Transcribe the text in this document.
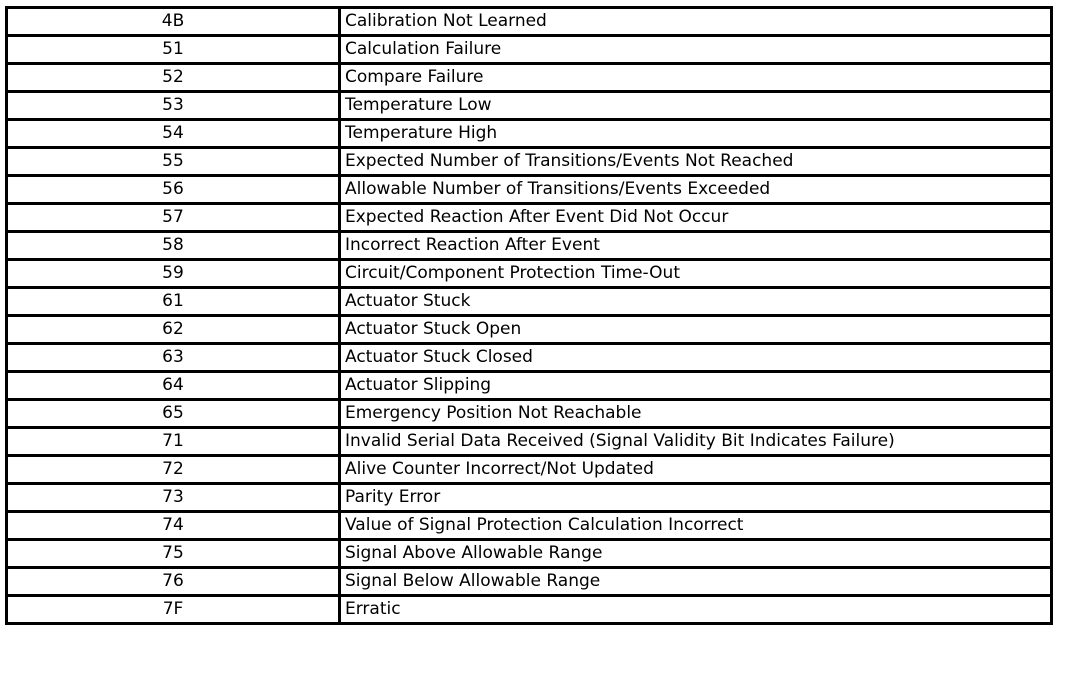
4B	Calibration Not Learned
51	Calculation Failure
52	Compare Failure
53	Temperature Low
54	Temperature High
55	Expected Number of Transitions/Events Not Reached
56	Allowable Number of Transitions/Events Exceeded
57	Expected Reaction After Event Did Not Occur
58	Incorrect Reaction After Event
59	Circuit/Component Protection Time-Out
61	Actuator Stuck
62	Actuator Stuck Open
63	Actuator Stuck Closed
64	Actuator Slipping
65	Emergency Position Not Reachable
71	Invalid Serial Data Received (Signal Validity Bit Indicates Failure)
72	Alive Counter Incorrect/Not Updated
73	Parity Error
74	Value of Signal Protection Calculation Incorrect
75	Signal Above Allowable Range
76	Signal Below Allowable Range
7F	Erratic
